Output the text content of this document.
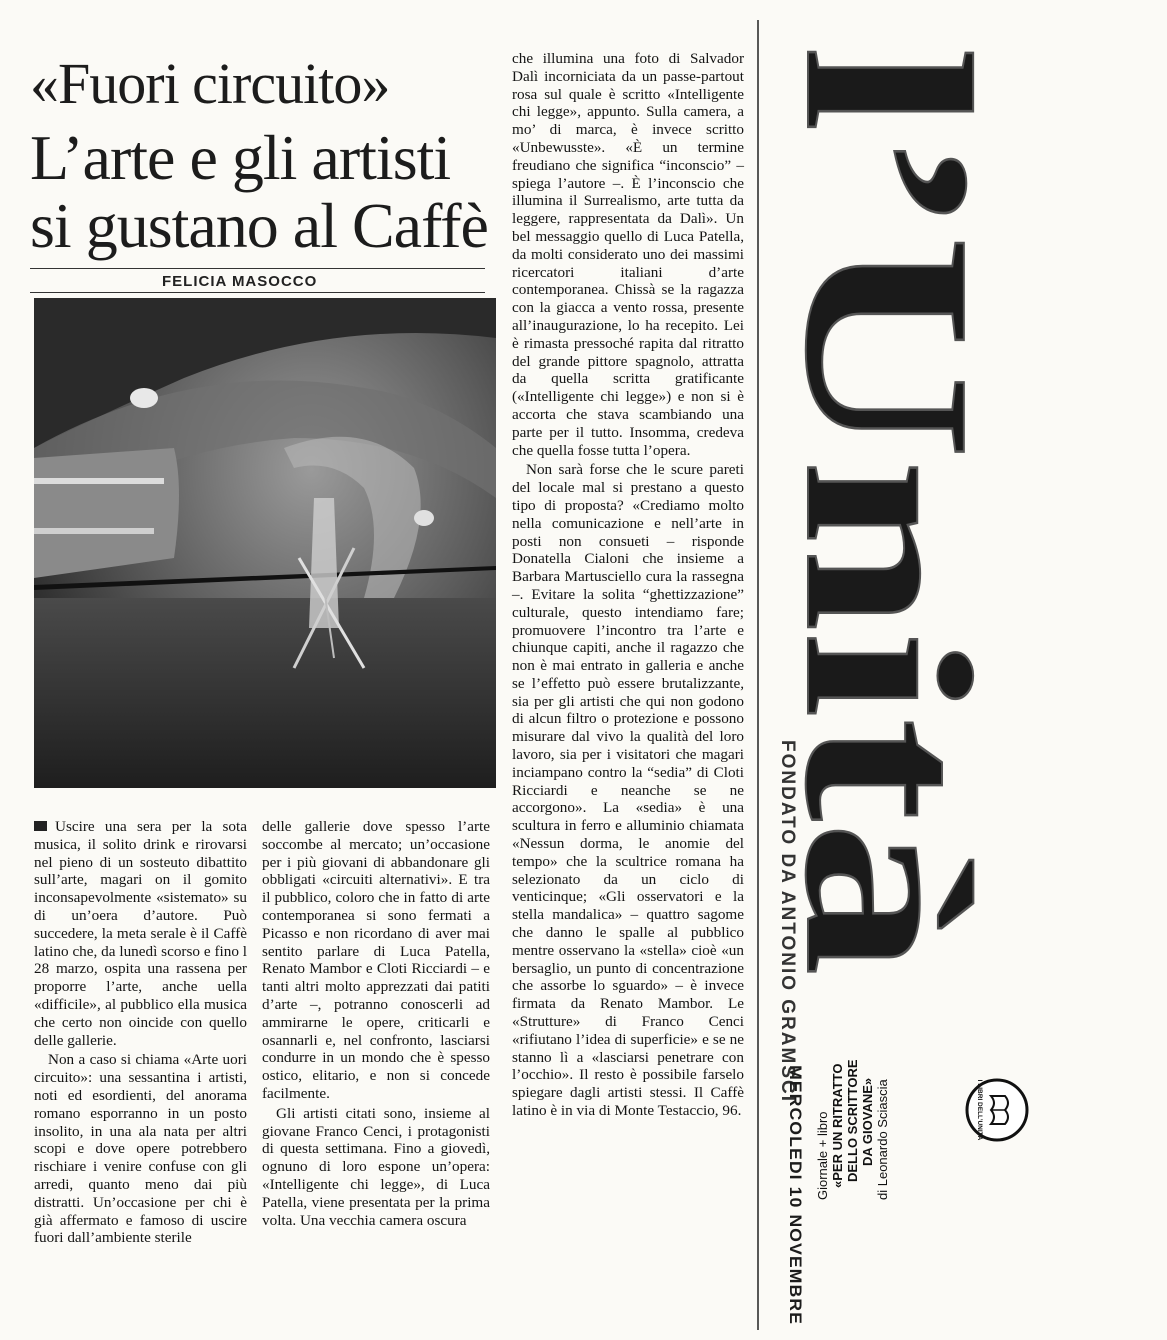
«Fuori circuito»
L’arte e gli artisti
si gustano al Caffè
FELICIA MASOCCO

Uscire una sera per la sota musica, il solito drink e rirovarsi nel pieno di un sosteuto dibattito sull’arte, magari on il gomito inconsapevolmente «sistemato» su di un’oera d’autore. Può succedere, la meta serale è il Caffè latino che, da lunedì scorso e fino l 28 marzo, ospita una rassena per proporre l’arte, anche uella «difficile», al pubblico ella musica che certo non oincide con quello delle gallerie.

Non a caso si chiama «Arte uori circuito»: una sessantina i artisti, noti ed esordienti, del anorama romano esporranno in un posto insolito, in una ala nata per altri scopi e dove opere potrebbero rischiare i venire confuse con gli arredi, quanto meno dai più distratti. Un’occasione per chi è già affermato e famoso di uscire fuori dall’ambiente sterile

delle gallerie dove spesso l’arte soccombe al mercato; un’occasione per i più giovani di abbandonare gli obbligati «circuiti alternativi». E tra il pubblico, coloro che in fatto di arte contemporanea si sono fermati a Picasso e non ricordano di aver mai sentito parlare di Luca Patella, Renato Mambor e Cloti Ricciardi – e tanti altri molto apprezzati dai patiti d’arte –, potranno conoscerli ad ammirarne le opere, criticarli e osannarli e, nel confronto, lasciarsi condurre in un mondo che è spesso ostico, elitario, e non si concede facilmente.

Gli artisti citati sono, insieme al giovane Franco Cenci, i protagonisti di questa settimana. Fino a giovedì, ognuno di loro espone un’opera: «Intelligente chi legge», di Luca Patella, viene presentata per la prima volta. Una vecchia camera oscura

che illumina una foto di Salvador Dalì incorniciata da un passe-partout rosa sul quale è scritto «Intelligente chi legge», appunto. Sulla camera, a mo’ di marca, è invece scritto «Unbewusste». «È un termine freudiano che significa “inconscio” – spiega l’autore –. È l’inconscio che illumina il Surrealismo, arte tutta da leggere, rappresentata da Dalì». Un bel messaggio quello di Luca Patella, da molti considerato uno dei massimi ricercatori italiani d’arte contemporanea. Chissà se la ragazza con la giacca a vento rossa, presente all’inaugurazione, lo ha recepito. Lei è rimasta pressoché rapita dal ritratto del grande pittore spagnolo, attratta da quella scritta gratificante («Intelligente chi legge») e non si è accorta che stava scambiando una parte per il tutto. Insomma, credeva che quella fosse tutta l’opera.

Non sarà forse che le scure pareti del locale mal si prestano a questo tipo di proposta? «Crediamo molto nella comunicazione e nell’arte in posti non consueti – risponde Donatella Cialoni che insieme a Barbara Martusciello cura la rassegna –. Evitare la solita “ghettizzazione” culturale, questo intendiamo fare; promuovere l’incontro tra l’arte e chiunque capiti, anche il ragazzo che non è mai entrato in galleria e anche se l’effetto può essere brutalizzante, sia per gli artisti che qui non godono di alcun filtro o protezione e possono misurare dal vivo la qualità del loro lavoro, sia per i visitatori che magari inciampano contro la “sedia” di Cloti Ricciardi e neanche se ne accorgono». La «sedia» è una scultura in ferro e alluminio chiamata «Nessun dorma, le anomie del tempo» che la scultrice romana ha selezionato da un ciclo di venticinque; «Gli osservatori e la stella mandalica» – quattro sagome che danno le spalle al pubblico mentre osservano la «stella» cioè «un bersaglio, un punto di concentrazione che assorbe lo sguardo» – è invece firmata da Renato Mambor. Le «Strutture» di Franco Cenci «rifiutano l’idea di superficie» e se ne stanno lì a «lasciarsi penetrare con l’occhio». Il resto è possibile farselo spiegare dagli artisti stessi. Il Caffè latino è in via di Monte Testaccio, 96.

FONDATO DA ANTONIO GRAMSCI
l’Unità
MERCOLEDI 10 NOVEMBRE Giornale + libro «PER UN RITRATTO DELLO SCRITTORE DA GIOVANE» di Leonardo Sciascia	I LIBRI DELL’UNITÀ
